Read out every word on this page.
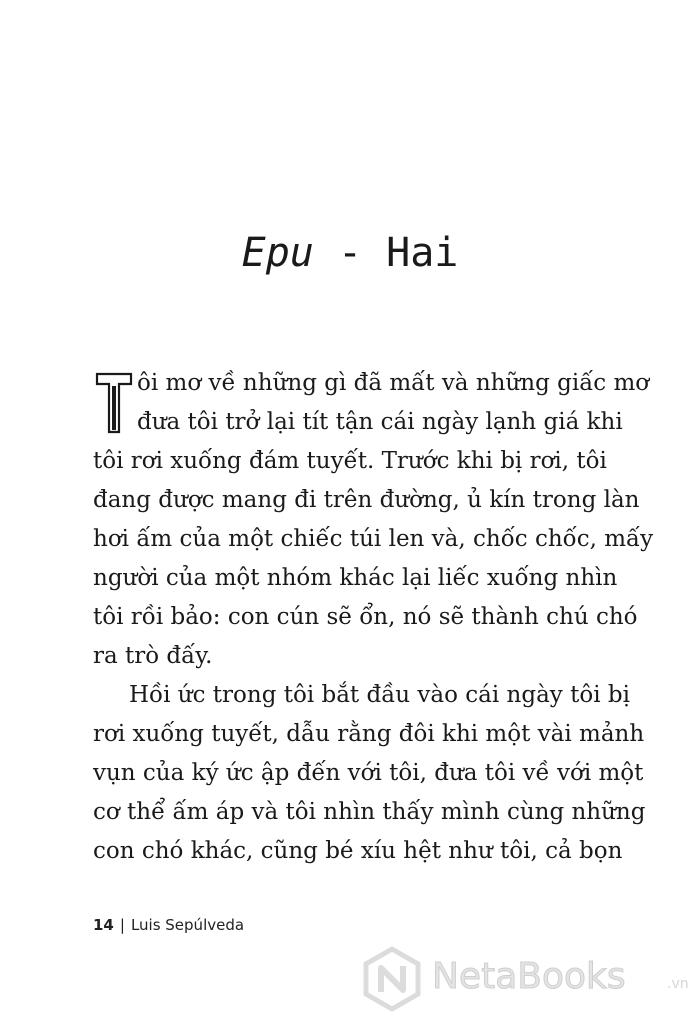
Epu - Hai
ôi mơ về những gì đã mất và những giấc mơ
đưa tôi trở lại tít tận cái ngày lạnh giá khi
tôi rơi xuống đám tuyết. Trước khi bị rơi, tôi
đang được mang đi trên đường, ủ kín trong làn
hơi ấm của một chiếc túi len và, chốc chốc, mấy
người của một nhóm khác lại liếc xuống nhìn
tôi rồi bảo: con cún sẽ ổn, nó sẽ thành chú chó
ra trò đấy.
Hồi ức trong tôi bắt đầu vào cái ngày tôi bị
rơi xuống tuyết, dẫu rằng đôi khi một vài mảnh
vụn của ký ức ập đến với tôi, đưa tôi về với một
cơ thể ấm áp và tôi nhìn thấy mình cùng những
con chó khác, cũng bé xíu hệt như tôi, cả bọn
14 | Luis Sepúlveda
NetaBooks	.vn
